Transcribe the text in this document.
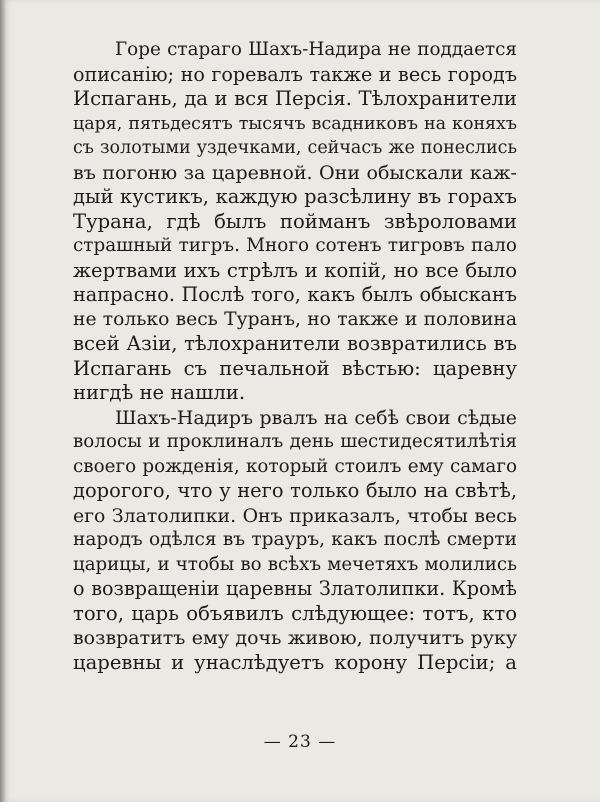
Горе стараго Шахъ-Надира не поддается
описанію; но горевалъ также и весь городъ
Испагань, да и вся Персія. Тѣлохранители
царя, пятьдесятъ тысячъ всадниковъ на коняхъ
съ золотыми уздечками, сейчасъ же понеслись
въ погоню за царевной. Они обыскали каж-
дый кустикъ, каждую разсѣлину въ горахъ
Турана, гдѣ былъ пойманъ звѣроловами
страшный тигръ. Много сотенъ тигровъ пало
жертвами ихъ стрѣлъ и копій, но все было
напрасно. Послѣ того, какъ былъ обысканъ
не только весь Туранъ, но также и половина
всей Азіи, тѣлохранители возвратились въ
Испагань съ печальной вѣстью: царевну
нигдѣ не нашли.
Шахъ-Надиръ рвалъ на себѣ свои сѣдые
волосы и проклиналъ день шестидесятилѣтія
своего рожденія, который стоилъ ему самаго
дорогого, что у него только было на свѣтѣ,
его Златолипки. Онъ приказалъ, чтобы весь
народъ одѣлся въ трауръ, какъ послѣ смерти
царицы, и чтобы во всѣхъ мечетяхъ молились
о возвращеніи царевны Златолипки. Кромѣ
того, царь объявилъ слѣдующее: тотъ, кто
возвратитъ ему дочь живою, получитъ руку
царевны и унаслѣдуетъ корону Персіи; а
— 23 —
